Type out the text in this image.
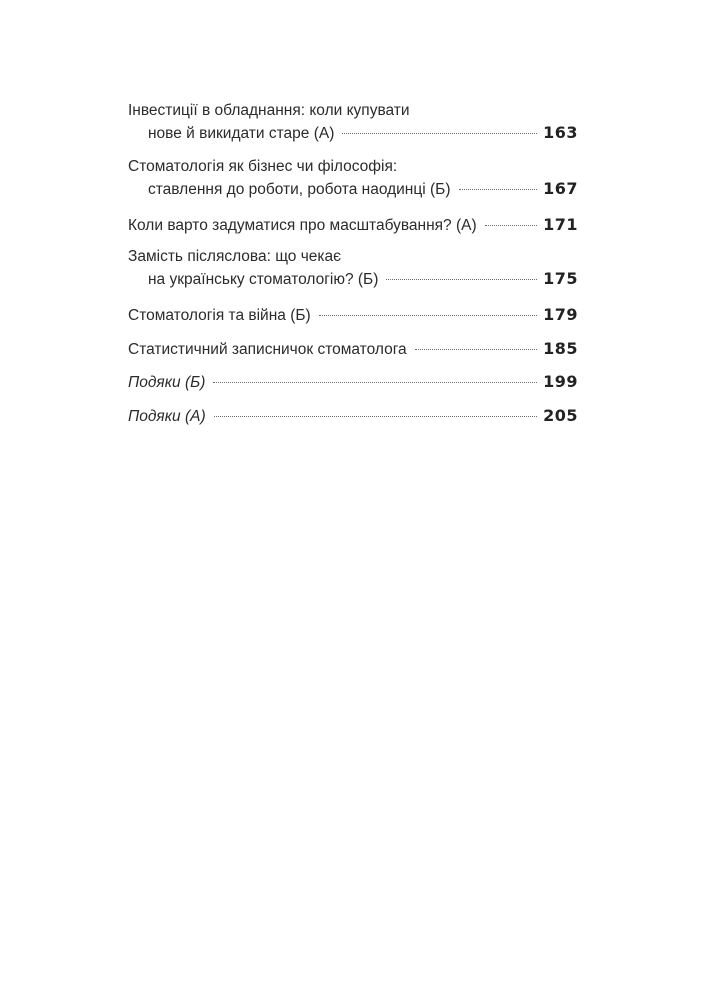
Інвестиції в обладнання: коли купувати
нове й викидати старе (А)	163
Стоматологія як бізнес чи філософія:
ставлення до роботи, робота наодинці (Б)	167
Коли варто задуматися про масштабування? (А)	171
Замість післяслова: що чекає
на українську стоматологію? (Б)	175
Стоматологія та війна (Б)	179
Статистичний записничок стоматолога	185
Подяки (Б)	199
Подяки (А)	205
